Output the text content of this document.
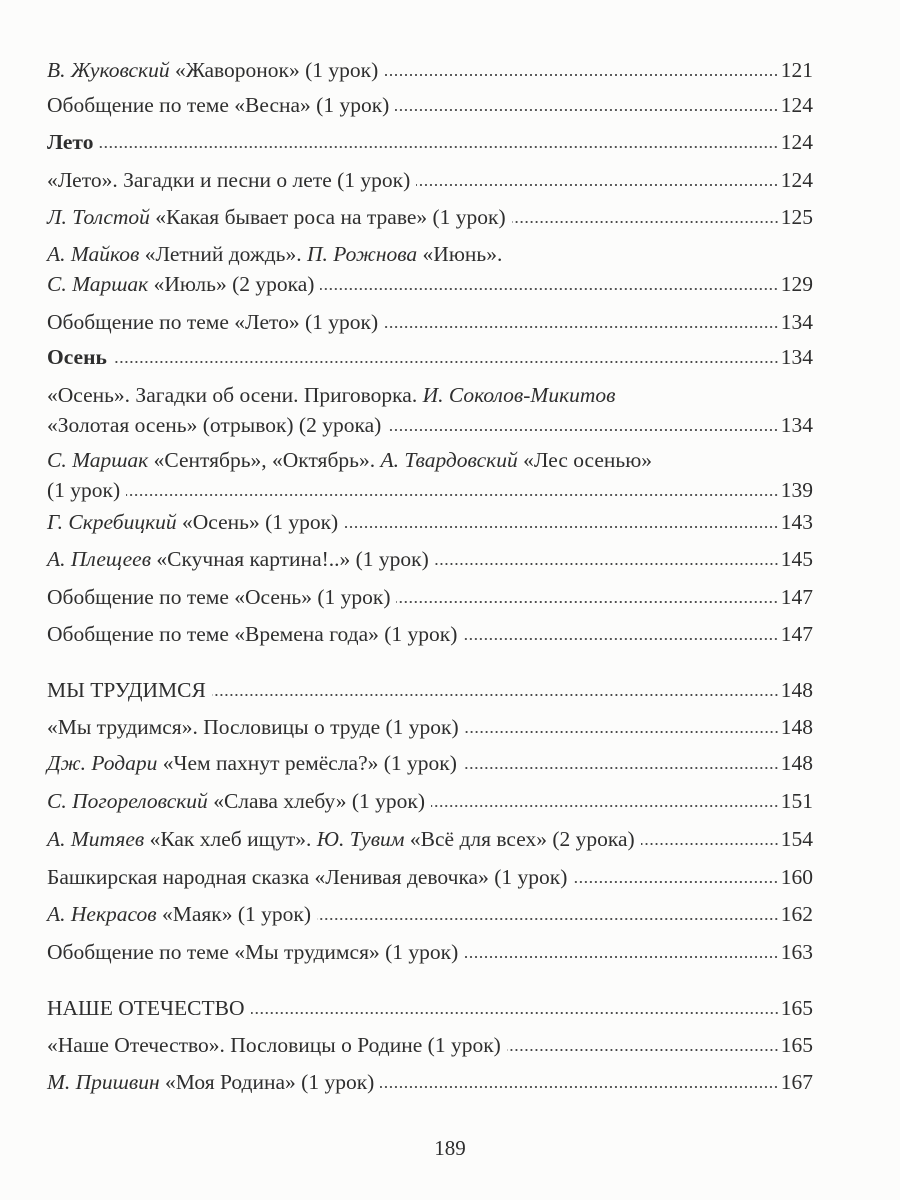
В. Жуковский «Жаворонок» (1 урок)	121
Обобщение по теме «Весна» (1 урок)	124
Лето	124
«Лето». Загадки и песни о лете (1 урок)	124
Л. Толстой «Какая бывает роса на траве» (1 урок)	125
А. Майков «Летний дождь». П. Рожнова «Июнь».
С. Маршак «Июль» (2 урока)	129
Обобщение по теме «Лето» (1 урок)	134
Осень	134
«Осень». Загадки об осени. Приговорка. И. Соколов-Микитов
«Золотая осень» (отрывок) (2 урока)	134
С. Маршак «Сентябрь», «Октябрь». А. Твардовский «Лес осенью»
(1 урок)	139
Г. Скребицкий «Осень» (1 урок)	143
А. Плещеев «Скучная картина!..» (1 урок)	145
Обобщение по теме «Осень» (1 урок)	147
Обобщение по теме «Времена года» (1 урок)	147
МЫ ТРУДИМСЯ	148
«Мы трудимся». Пословицы о труде (1 урок)	148
Дж. Родари «Чем пахнут ремёсла?» (1 урок)	148
С. Погореловский «Слава хлебу» (1 урок)	151
А. Митяев «Как хлеб ищут». Ю. Тувим «Всё для всех» (2 урока)	154
Башкирская народная сказка «Ленивая девочка» (1 урок)	160
А. Некрасов «Маяк» (1 урок)	162
Обобщение по теме «Мы трудимся» (1 урок)	163
НАШЕ ОТЕЧЕСТВО	165
«Наше Отечество». Пословицы о Родине (1 урок)	165
М. Пришвин «Моя Родина» (1 урок)	167
189
